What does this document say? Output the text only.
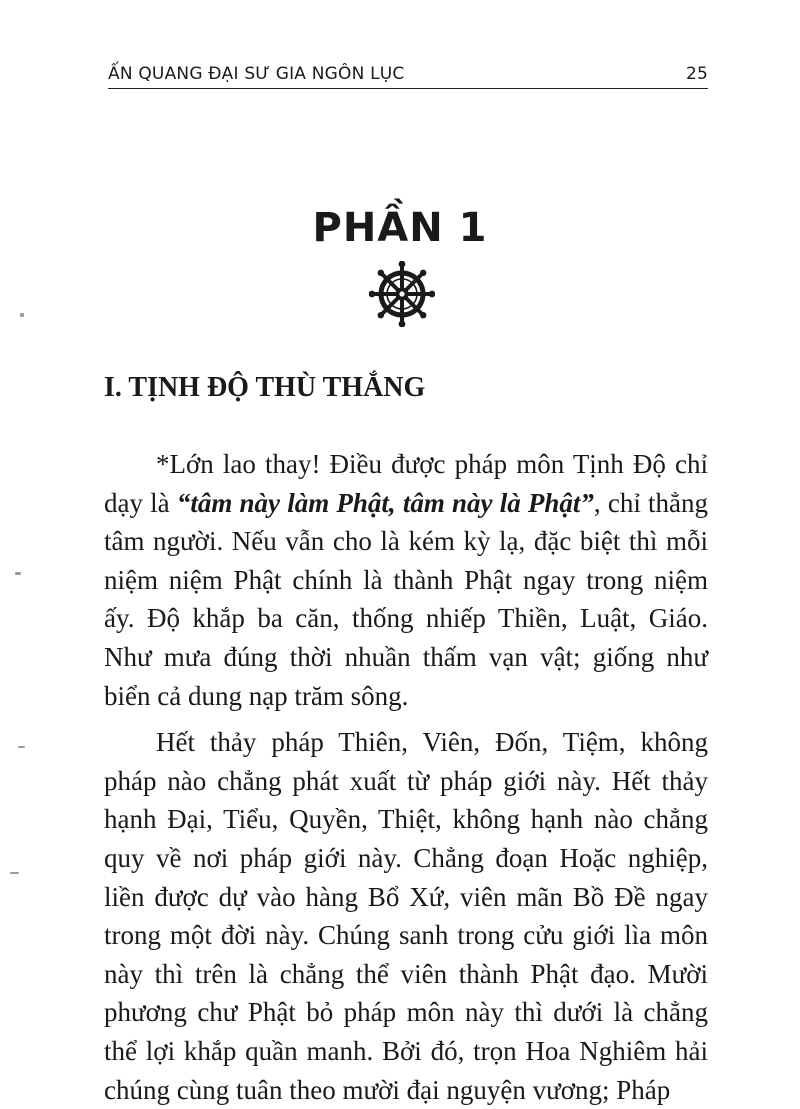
ẤN QUANG ĐẠI SƯ GIA NGÔN LỤC	25
PHẦN 1
I. TỊNH ĐỘ THÙ THẮNG

*Lớn lao thay! Điều được pháp môn Tịnh Độ chỉ dạy là “tâm này làm Phật, tâm này là Phật”, chỉ thẳng tâm người. Nếu vẫn cho là kém kỳ lạ, đặc biệt thì mỗi niệm niệm Phật chính là thành Phật ngay trong niệm ấy. Độ khắp ba căn, thống nhiếp Thiền, Luật, Giáo. Như mưa đúng thời nhuần thấm vạn vật; giống như biển cả dung nạp trăm sông.

Hết thảy pháp Thiên, Viên, Đốn, Tiệm, không pháp nào chẳng phát xuất từ pháp giới này. Hết thảy hạnh Đại, Tiểu, Quyền, Thiệt, không hạnh nào chẳng quy về nơi pháp giới này. Chẳng đoạn Hoặc nghiệp, liền được dự vào hàng Bổ Xứ, viên mãn Bồ Đề ngay trong một đời này. Chúng sanh trong cửu giới lìa môn này thì trên là chẳng thể viên thành Phật đạo. Mười phương chư Phật bỏ pháp môn này thì dưới là chẳng thể lợi khắp quần manh. Bởi đó, trọn Hoa Nghiêm hải chúng cùng tuân theo mười đại nguyện vương; Pháp
